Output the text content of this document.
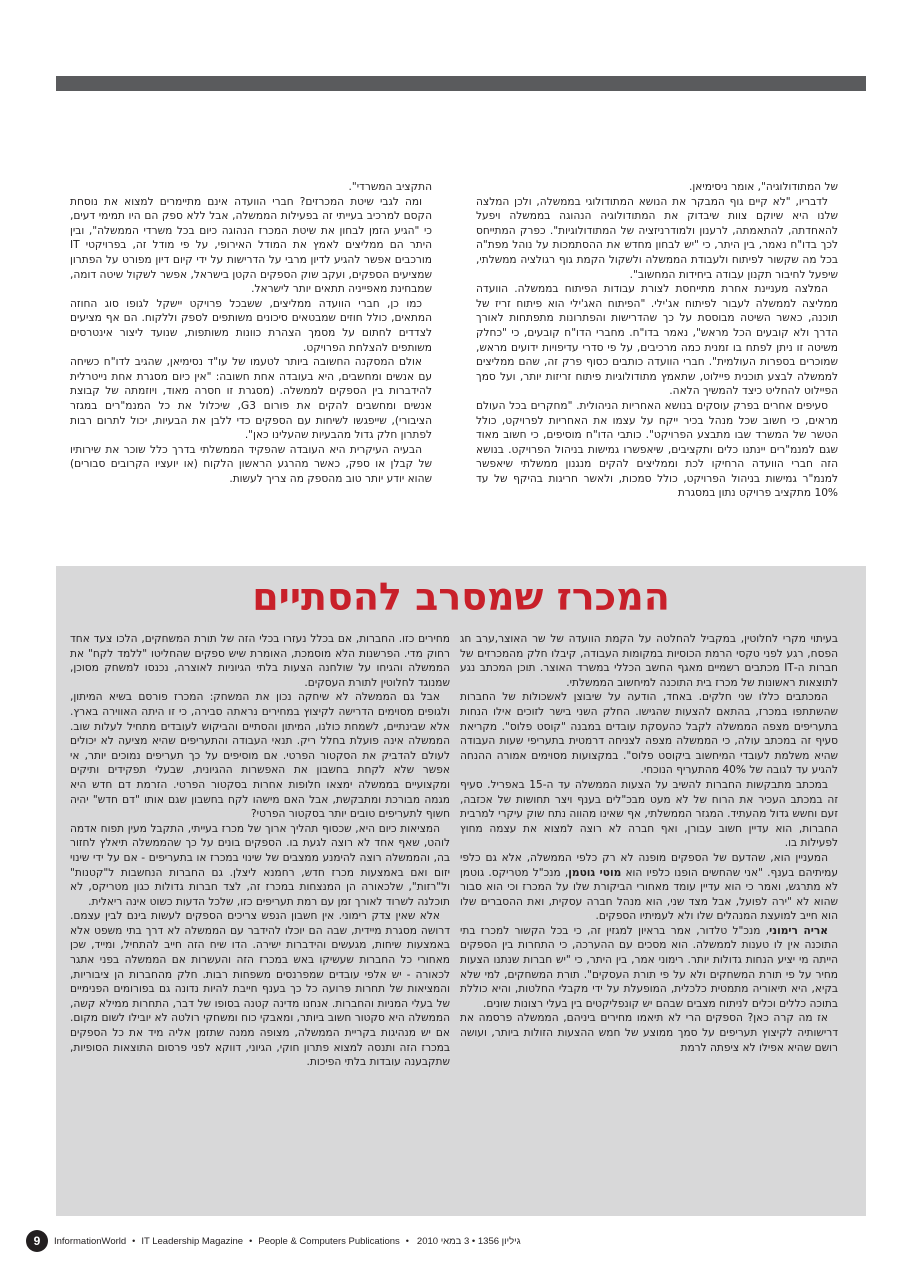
של המתודולוגיה", אומר ניסימיאן.

לדבריו, "לא קיים גוף המבקר את הנושא המתודולוגי בממשלה, ולכן המלצה שלנו היא שיוקם צוות שיבדוק את המתודולוגיה הנהוגה בממשלה ויפעל להאחדתה, להתאמתה, לרענון ולמודרניזציה של המתודולוגיות". כפרק המתייחס לכך בדו"ח נאמר, בין היתר, כי "יש לבחון מחדש את ההסתמכות על נוהל מפת"ה בכל מה שקשור לפיתוח ולעבודת הממשלה ולשקול הקמת גוף רגולציה ממשלתי, שיפעל לחיבור תקנון עבודה ביחידות המחשוב".

המלצה מעניינת אחרת מתייחסת לצורת עבודות הפיתוח בממשלה. הוועדה ממליצה לממשלה לעבור לפיתוח אג'ילי. "הפיתוח האג'ילי הוא פיתוח זריז של תוכנה, כאשר השיטה מבוססת על כך שהדרישות והפתרונות מתפתחות לאורך הדרך ולא קובעים הכל מראש", נאמר בדו"ח. מחברי הדו"ח קובעים, כי "כחלק משיטה זו ניתן לפתח בו זמנית כמה מרכיבים, על פי סדרי עדיפויות ידועים מראש, שמוכרים בספרות העולמית". חברי הוועדה כותבים כסוף פרק זה, שהם ממליצים לממשלה לבצע תוכנית פיילוט, שתאמץ מתודולוגיות פיתוח זריזות יותר, ועל סמך הפיילוט להחליט כיצד להמשיך הלאה.

סעיפים אחרים בפרק עוסקים בנושא האחריות הניהולית. "מחקרים בכל העולם מראים, כי חשוב שכל מנהל בכיר ייקח על עצמו את האחריות לפרויקט, כולל הטשר של המשרד שבו מתבצע הפרויקט". כותבי הדו"ח מוסיפים, כי חשוב מאוד שגם למנמ"רים יינתנו כלים ותקציבים, שיאפשרו גמישות בניהול הפרויקט. בנושא הזה חברי הוועדה הרחיקו לכת וממליצים להקים מנגנון ממשלתי שיאפשר למנמ"ר גמישות בניהול הפרויקט, כולל סמכות, ולאשר חריגות בהיקף של עד 10% מתקציב פרויקט נתון במסגרת

התקציב המשרדי".

ומה לגבי שיטת המכרזים? חברי הוועדה אינם מתיימרים למצוא את נוסחת הקסם למרכיב בעייתי זה בפעילות הממשלה, אבל ללא ספק הם היו תמימי דעים, כי "הגיע הזמן לבחון את שיטת המכרז הנהוגה כיום בכל משרדי הממשלה", ובין היתר הם ממליצים לאמץ את המודל האירופי, על פי מודל זה, בפרויקטי IT מורכבים אפשר להגיע לדיון מרבי על הדרישות על ידי קיום דיון מפורט על הפתרון שמציעים הספקים, ועקב שוק הספקים הקטן בישראל, אפשר לשקול שיטה דומה, שמבחינת מאפייניה תתאים יותר לישראל.

כמו כן, חברי הוועדה ממליצים, ששבכל פרויקט יישקל לגופו סוג החוזה המתאים, כולל חוזים שמבטאים סיכונים משותפים לספק וללקוח. הם אף מציעים לצדדים לחתום על מסמך הצהרת כוונות משותפות, שנועד ליצור אינטרסים משותפים להצלחת הפרויקט.

אולם המסקנה החשובה ביותר לטעמו של עו"ד נסימיאן, שהגיב לדו"ח כשיחה עם אנשים ומחשבים, היא בעובדה אחת חשובה: "אין כיום מסגרת אחת נייטרלית להידברות בין הספקים לממשלה. (מסגרת זו חסרה מאוד, ויוזמתה של קבוצת אנשים ומחשבים להקים את פורום G3, שיכלול את כל המנמ"רים במגזר הציבורי), שייפגשו לשיחות עם הספקים כדי ללבן את הבעיות, יכול לתרום רבות לפתרון חלק גדול מהבעיות שהעלינו כאן".

הבעיה העיקרית היא העובדה שהפקיד הממשלתי בדרך כלל שוכר את שירותיו של קבלן או ספק, כאשר מהרגע הראשון הלקוח (או יועציו הקרובים סבורים) שהוא יודע יותר טוב מהספק מה צריך לעשות.

המכרז שמסרב להסתיים

בעיתוי מקרי לחלוטין, במקביל להחלטה על הקמת הוועדה של שר האוצר,ערב חג הפסח, רגע לפני טקסי הרמת הכוסיות במקומות העבודה, קיבלו חלק מהמכרזים של חברות ה-IT מכתבים רשמיים מאגף החשב הכללי במשרד האוצר. תוכן המכתב נגע לתוצאות ראשונות של מכרז בית התוכנה למיחשוב הממשלתי.

המכתבים כללו שני חלקים. באחד, הודעה על שיבוצן לאשכולות של החברות שהשתתפו במכרז, בהתאם להצעות שהגישו. החלק השני בישר לזוכים אילו הנחות בתעריפים מצפה הממשלה לקבל כהעסקת עובדים במבנה "קוסט פלוס". מקריאת סעיף זה במכתב עולה, כי הממשלה מצפה לצניחה דרמטית בתעריפי שעות העבודה שהיא משלמת לעובדי המיחשוב ביקוסט פלוס". במקצועות מסוימים אמורה ההנחה להגיע עד לגובה של 40% מהתעריף הנוכחי.

במכתב מתבקשות החברות להשיב על הצעות הממשלה עד ה-15 באפריל. סעיף זה במכתב העכיר את הרוח של לא מעט מבכ"לים בענף ויצר תחושות של אכזבה, זעם וחשש גדול מהעתיד. המגזר הממשלתי, אף שאינו מהווה נתח שוק עיקרי למרבית החברות, הוא עדיין חשוב עבורן, ואף חברה לא רוצה למצוא את עצמה מחוץ לפעילות בו.

המעניין הוא, שהדעם של הספקים מופנה לא רק כלפי הממשלה, אלא גם כלפי עמיתיהם בענף. "אני שהחשים הופנו כלפיו הוא מוטי גוטמן, מנכ"ל מטריקס. גוטמן לא מתרגש, ואמר כי הוא עדיין עומד מאחורי הביקורת שלו על המכרז וכי הוא סבור שהוא לא "ירה לפועל, אבל מצד שני, הוא מנהל חברה עסקית, ואת ההסברים שלו הוא חייב למועצת המנהלים שלו ולא לעמיתיו הספקים.

אריה רימוני, מנכ"ל טלדור, אמר בראיון למגזין זה, כי בכל הקשור למכרז בתי התוכנה אין לו טענות לממשלה. הוא מסכים עם ההערכה, כי התחרות בין הספקים הייתה מי יציע הנחות גדולות יותר. רימוני אמר, בין היתר, כי "יש חברות שנתנו הצעות מחיר על פי תורת המשחקים ולא על פי תורת העסקים". תורת המשחקים, למי שלא בקיא, היא תיאוריה מתמטית כלכלית, המופעלת על ידי מקבלי החלטות, והיא כוללת בתוכה כללים וכלים לניתוח מצבים שבהם יש קונפליקטים בין בעלי רצונות שונים.

אז מה קרה כאן? הספקים הרי לא תיאמו מחירים ביניהם, הממשלה פרסמה את דרישותיה לקיצוץ תעריפים על סמך ממוצע של חמש ההצעות הזולות ביותר, ועושה רושם שהיא אפילו לא ציפתה לרמת

מחירים כזו. החברות, אם בכלל נעזרו בכלי הזה של תורת המשחקים, הלכו צעד אחד רחוק מדי. הפרשנות הלא מוסמכת, האומרת שיש ספקים שהחליטו "ללמד לקח" את הממשלה והגיחו על שולחנה הצעות בלתי הגיוניות לאוצרה, נכנסו למשחק מסוכן, שמנוגד לחלוטין לתורת העסקים.

אבל גם הממשלה לא שיחקה נכון את המשחק: המכרז פורסם בשיא המיתון, ולגופים מסוימים הדרישה לקיצוץ במחירים נראתה סבירה, כי זו היתה האווירה בארץ. אלא שבינתיים, לשמחת כולנו, המיתון והסתיים והביקוש לעובדים מתחיל לעלות שוב. הממשלה אינה פועלת בחלל ריק. תנאי העבודה והתעריפים שהיא מציעה לא יכולים לעולם להדביק את הסקטור הפרטי. אם מוסיפים על כך תעריפים נמוכים יותר, אי אפשר שלא לקחת בחשבון את האפשרות ההגיונית, שבעלי תפקידים ותיקים ומקצועיים בממשלה ימצאו חלופות אחרות בסקטור הפרטי. הזרמת דם חדש היא מגמה מבורכת ומתבקשת, אבל האם מישהו לקח בחשבון שגם אותו "דם חדש" יהיה חשוף לתעריפים טובים יותר בסקטור הפרטי?

המציאות כיום היא, שכסוף תהליך ארוך של מכרז בעייתי, התקבל מעין תפוח אדמה לוהט, שאף אחד לא רוצה לגעת בו. הספקים בונים על כך שהממשלה תיאלץ לחזור בה, והממשלה רוצה להימנע ממצבים של שינוי במכרז או בתעריפים - אם על ידי שינוי יזום ואם באמצעות מכרז חדש, רחמנא ליצלן. גם החברות הנחשבות ל"קטנות" ול"רזות", שלכאורה הן המנצחות במכרז זה, לצד חברות גדולות כגון מטריקס, לא תוכלנה לשרוד לאורך זמן עם רמת תעריפים כזו, שלכל הדעות כשוט אינה ריאלית.

אלא שאין צדק רימוני. אין חשבון הנפש צריכים הספקים לעשות בינם לבין עצמם. דרושה מסגרת מיידית, שבה הם יוכלו להידבר עם הממשלה לא דרך בתי משפט אלא באמצעות שיחות, מגעשים והידברות ישירה. הדו שיח הזה חייב להתחיל, ומייד, שכן מאחורי כל החברות שעשיקו באש במכרז הזה והעשרות אם הממשלה בפני אתגר לכאורה - יש אלפי עובדים שמפרנסים משפחות רבות. חלק מהחברות הן ציבוריות, והמציאות של תחרות פרועה כל כך בענף חייבת להיות נדונה גם בפורומים הפנימיים של בעלי המניות והחברות. אנחנו מדינה קטנה בסופו של דבר, התחרות ממילא קשה, הממשלה היא סקטור חשוב ביותר, ומאבקי כוח ומשחקי רולטה לא יובילו לשום מקום. אם יש מנהיגות בקריית הממשלה, מצופה ממנה שתזמן אליה מיד את כל הספקים במכרז הזה ותנסה למצוא פתרון חוקי, הגיוני, דווקא לפני פרסום התוצאות הסופיות, שתקבענה עובדות בלתי הפיכות.

9	InformationWorld • IT Leadership Magazine • People & Computers Publications • גיליון 1356 ‏• 3 במאי 2010
